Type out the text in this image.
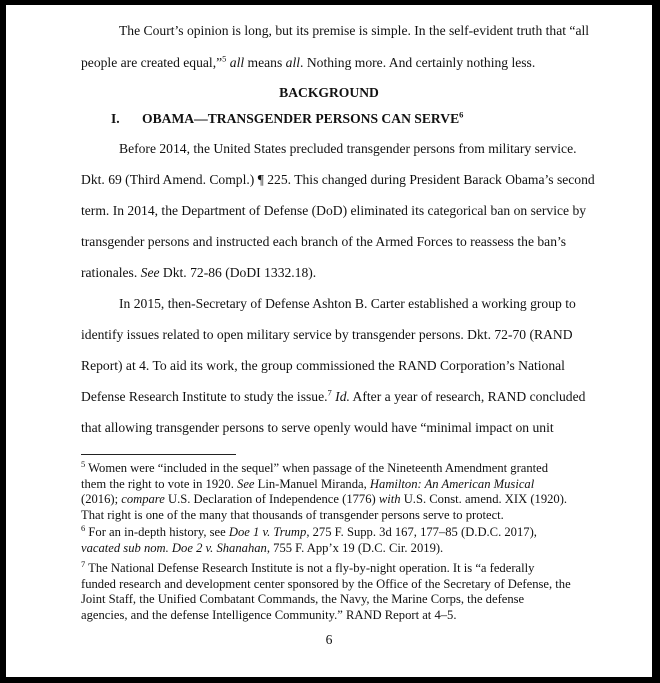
The Court’s opinion is long, but its premise is simple. In the self-evident truth that “all
people are created equal,”$^5$ all means all. Nothing more. And certainly nothing less.
BACKGROUND
I. OBAMA—TRANSGENDER PERSONS CAN SERVE$^6$
Before 2014, the United States precluded transgender persons from military service.
Dkt. 69 (Third Amend. Compl.) ¶ 225. This changed during President Barack Obama’s second
term. In 2014, the Department of Defense (DoD) eliminated its categorical ban on service by
transgender persons and instructed each branch of the Armed Forces to reassess the ban’s
rationales. See Dkt. 72-86 (DoDI 1332.18).
In 2015, then-Secretary of Defense Ashton B. Carter established a working group to
identify issues related to open military service by transgender persons. Dkt. 72-70 (RAND
Report) at 4. To aid its work, the group commissioned the RAND Corporation’s National
Defense Research Institute to study the issue.$^7$ Id. After a year of research, RAND concluded
that allowing transgender persons to serve openly would have “minimal impact on unit
$^5$ Women were “included in the sequel” when passage of the Nineteenth Amendment granted
them the right to vote in 1920. See Lin-Manuel Miranda, Hamilton: An American Musical
(2016); compare U.S. Declaration of Independence (1776) with U.S. Const. amend. XIX (1920).
That right is one of the many that thousands of transgender persons serve to protect.
$^6$ For an in-depth history, see Doe 1 v. Trump, 275 F. Supp. 3d 167, 177–85 (D.D.C. 2017),
vacated sub nom. Doe 2 v. Shanahan, 755 F. App’x 19 (D.C. Cir. 2019).
$^7$ The National Defense Research Institute is not a fly-by-night operation. It is “a federally
funded research and development center sponsored by the Office of the Secretary of Defense, the
Joint Staff, the Unified Combatant Commands, the Navy, the Marine Corps, the defense
agencies, and the defense Intelligence Community.” RAND Report at 4–5.
6
